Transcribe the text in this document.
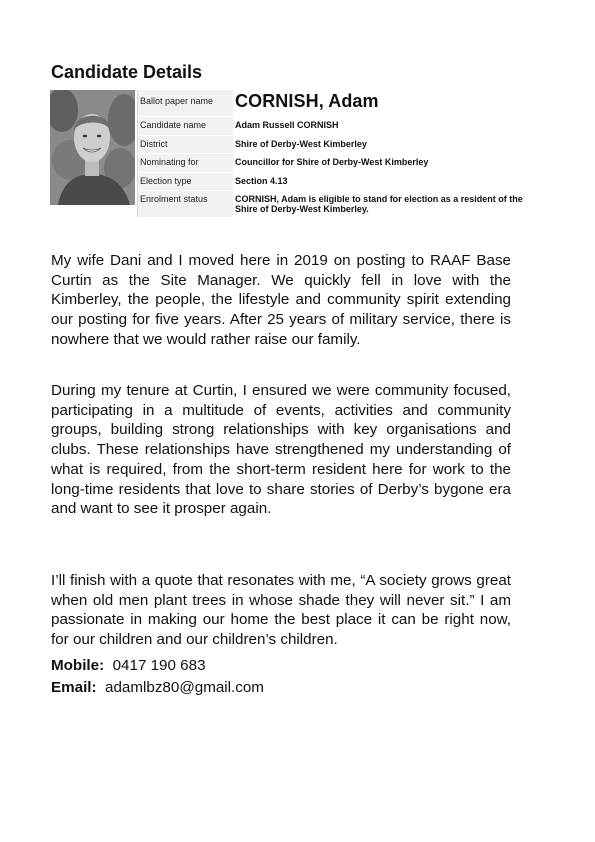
Candidate Details
Ballot paper name	CORNISH, Adam
Candidate name	Adam Russell CORNISH
District	Shire of Derby-West Kimberley
Nominating for	Councillor for Shire of Derby-West Kimberley
Election type	Section 4.13
Enrolment status	CORNISH, Adam is eligible to stand for election as a resident of the Shire of Derby-West Kimberley.

My wife Dani and I moved here in 2019 on posting to RAAF Base Curtin as the Site Manager. We quickly fell in love with the Kimberley, the people, the lifestyle and community spirit extending our posting for five years. After 25 years of military service, there is nowhere that we would rather raise our family.

During my tenure at Curtin, I ensured we were community focused, participating in a multitude of events, activities and community groups, building strong relationships with key organisations and clubs. These relationships have strengthened my understanding of what is required, from the short-term resident here for work to the long-time residents that love to share stories of Derby’s bygone era and want to see it prosper again.

I’ll finish with a quote that resonates with me, “A society grows great when old men plant trees in whose shade they will never sit.” I am passionate in making our home the best place it can be right now, for our children and our children’s children.

Mobile: 0417 190 683
Email: adamlbz80@gmail.com
